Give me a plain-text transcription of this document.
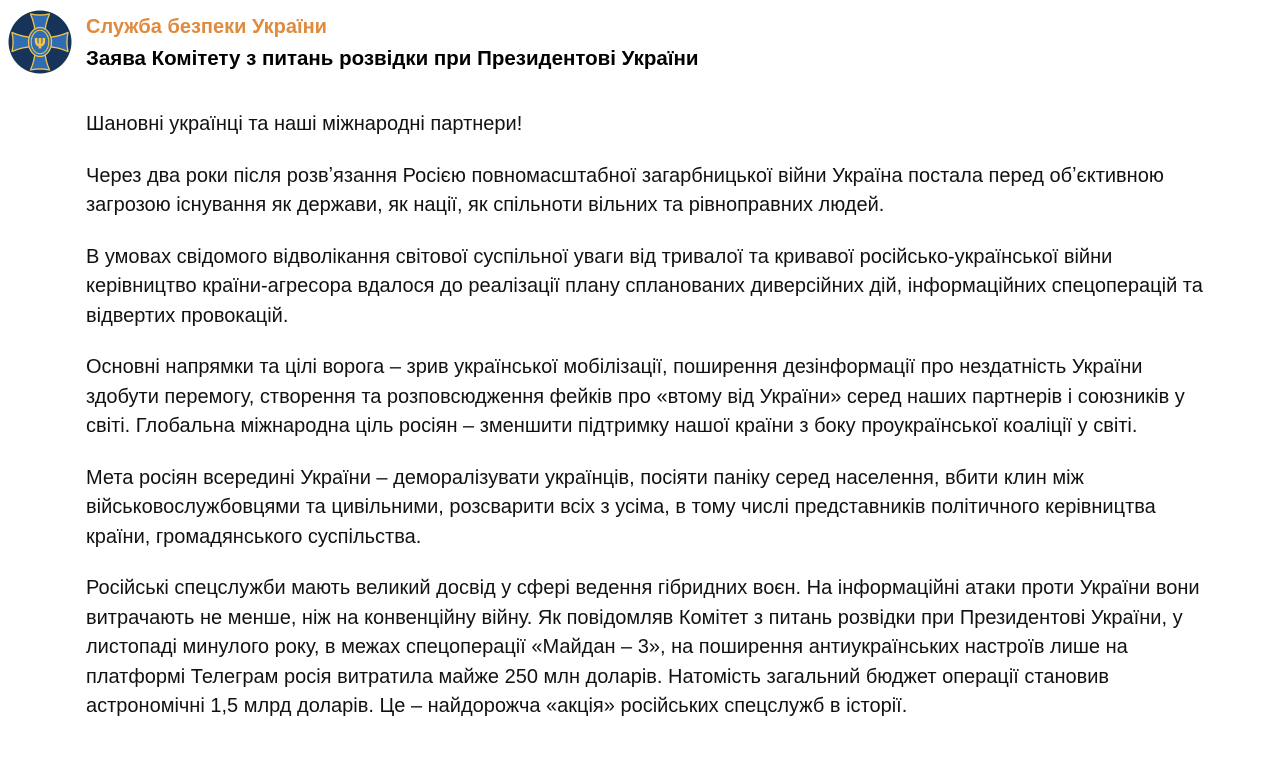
Ψ
Служба безпеки України
Заява Комітету з питань розвідки при Президентові України

Шановні українці та наші міжнародні партнери!

Через два роки після розвʼязання Росією повномасштабної загарбницької війни Україна постала перед обʼєктивною загрозою існування як держави, як нації, як спільноти вільних та рівноправних людей.

В умовах свідомого відволікання світової суспільної уваги від тривалої та кривавої російсько-української війни керівництво країни-агресора вдалося до реалізації плану спланованих диверсійних дій, інформаційних спецоперацій та відвертих провокацій.

Основні напрямки та цілі ворога – зрив української мобілізації, поширення дезінформації про нездатність України здобути перемогу, створення та розповсюдження фейків про «втому від України» серед наших партнерів і союзників у світі. Глобальна міжнародна ціль росіян – зменшити підтримку нашої країни з боку проукраїнської коаліції у світі.

Мета росіян всередині України – деморалізувати українців, посіяти паніку серед населення, вбити клин між військовослужбовцями та цивільними, розсварити всіх з усіма, в тому числі представників політичного керівництва країни, громадянського суспільства.

Російські спецслужби мають великий досвід у сфері ведення гібридних воєн. На інформаційні атаки проти України вони витрачають не менше, ніж на конвенційну війну. Як повідомляв Комітет з питань розвідки при Президентові України, у листопаді минулого року, в межах спецоперації «Майдан – 3», на поширення антиукраїнських настроїв лише на платформі Телеграм росія витратила майже 250 млн доларів. Натомість загальний бюджет операції становив астрономічні 1,5 млрд доларів. Це – найдорожча «акція» російських спецслужб в історії.
